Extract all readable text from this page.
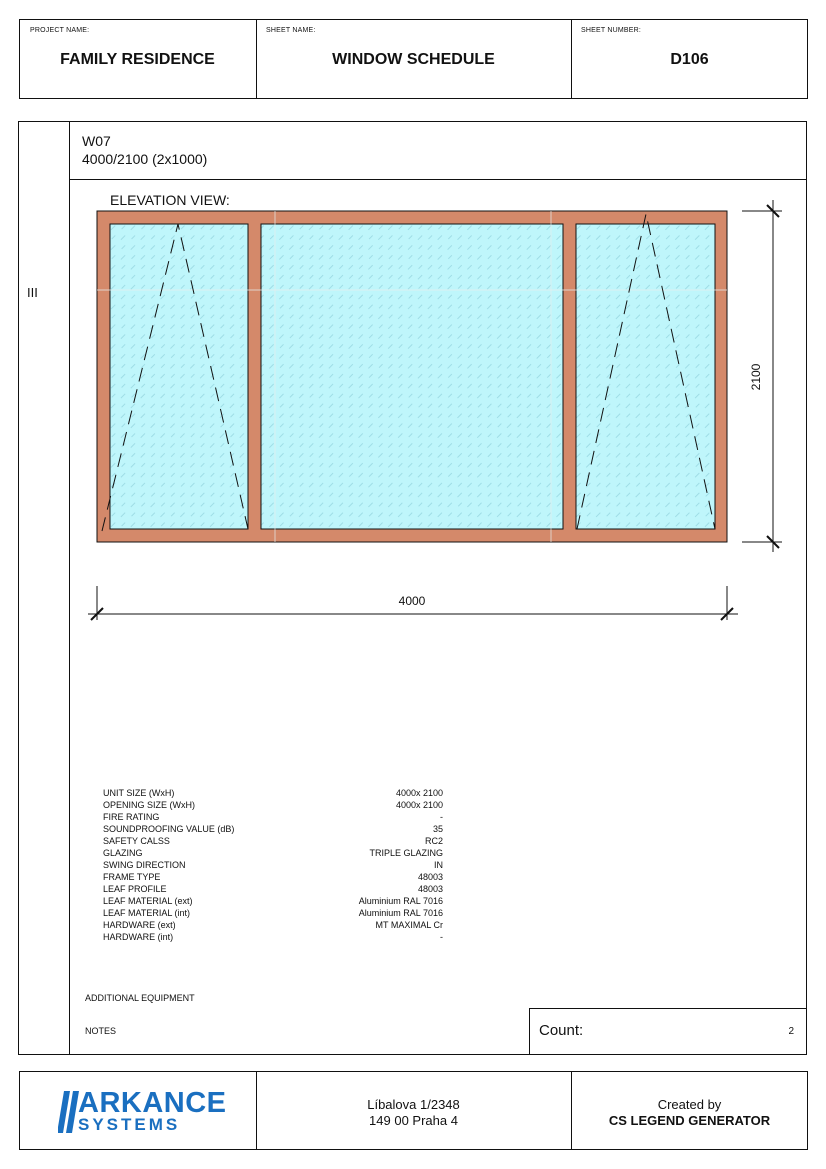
PROJECT NAME:
FAMILY RESIDENCE
SHEET NAME:
WINDOW SCHEDULE
SHEET NUMBER:
D106
III
W07
4000/2100 (2x1000)
ELEVATION VIEW:
4000
2100
UNIT SIZE (WxH)	4000x 2100
OPENING SIZE (WxH)	4000x 2100
FIRE RATING	-
SOUNDPROOFING VALUE (dB)	35
SAFETY CALSS	RC2
GLAZING	TRIPLE GLAZING
SWING DIRECTION	IN
FRAME TYPE	48003
LEAF PROFILE	48003
LEAF MATERIAL (ext)	Aluminium RAL 7016
LEAF MATERIAL (int)	Aluminium RAL 7016
HARDWARE (ext)	MT MAXIMAL Cr
HARDWARE (int)	-
ADDITIONAL EQUIPMENT
NOTES	Count:	2
ARKANCE
SYSTEMS
Líbalova 1/2348
149 00 Praha 4
Created by
CS LEGEND GENERATOR
